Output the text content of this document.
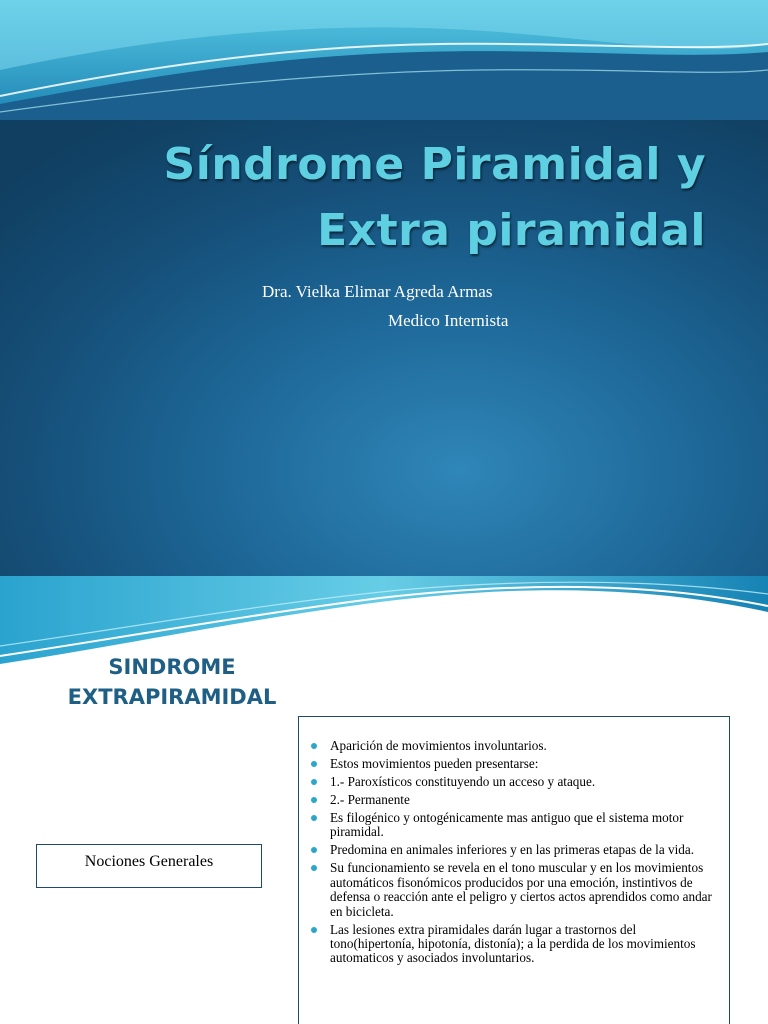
Síndrome Piramidal y
Extra piramidal
Dra. Vielka Elimar Agreda Armas
Medico Internista
SINDROME
EXTRAPIRAMIDAL
Nociones Generales
Aparición de movimientos involuntarios.
Estos movimientos pueden presentarse:
1.- Paroxísticos constituyendo un acceso y ataque.
2.- Permanente
Es filogénico y ontogénicamente mas antiguo que el sistema motor piramidal.
Predomina en animales inferiores y en las primeras etapas de la vida.
Su funcionamiento se revela en el tono muscular y en los movimientos automáticos fisonómicos producidos por una emoción, instintivos de defensa o reacción ante el peligro y ciertos actos aprendidos como andar en bicicleta.
Las lesiones extra piramidales darán lugar a trastornos del tono(hipertonía, hipotonía, distonía); a la perdida de los movimientos automaticos y asociados involuntarios.
